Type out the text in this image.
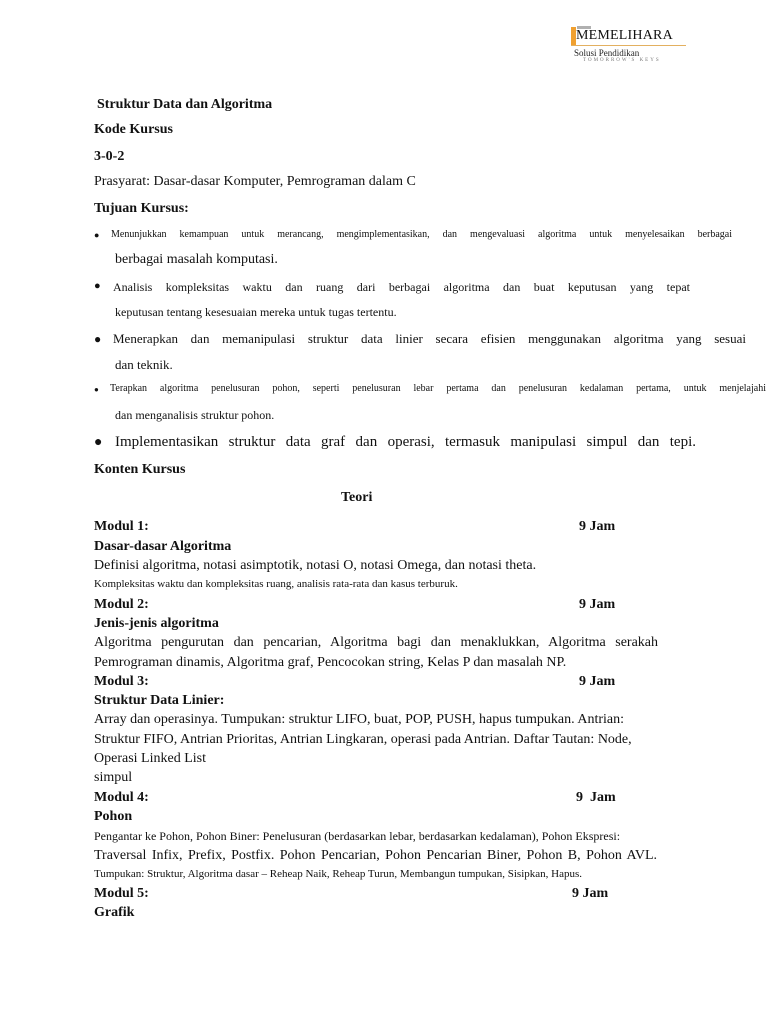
MEMELIHARA
Solusi Pendidikan
TOMORROW'S KEYS
Struktur Data dan Algoritma
Kode Kursus
3-0-2
Prasyarat: Dasar-dasar Komputer, Pemrograman dalam C
Tujuan Kursus:
● Menunjukkan kemampuan untuk merancang, mengimplementasikan, dan mengevaluasi algoritma untuk menyelesaikan berbagai
berbagai masalah komputasi.
● Analisis kompleksitas waktu dan ruang dari berbagai algoritma dan buat keputusan yang tepat
keputusan tentang kesesuaian mereka untuk tugas tertentu.
● Menerapkan dan memanipulasi struktur data linier secara efisien menggunakan algoritma yang sesuai
dan teknik.
● Terapkan algoritma penelusuran pohon, seperti penelusuran lebar pertama dan penelusuran kedalaman pertama, untuk menjelajahi
dan menganalisis struktur pohon.
● Implementasikan struktur data graf dan operasi, termasuk manipulasi simpul dan tepi.
Konten Kursus
Teori
Modul 1:	9 Jam
Dasar-dasar Algoritma
Definisi algoritma, notasi asimptotik, notasi O, notasi Omega, dan notasi theta.
Kompleksitas waktu dan kompleksitas ruang, analisis rata-rata dan kasus terburuk.
Modul 2:	9 Jam
Jenis-jenis algoritma
Algoritma pengurutan dan pencarian, Algoritma bagi dan menaklukkan, Algoritma serakah
Pemrograman dinamis, Algoritma graf, Pencocokan string, Kelas P dan masalah NP.
Modul 3:	9 Jam
Struktur Data Linier:
Array dan operasinya. Tumpukan: struktur LIFO, buat, POP, PUSH, hapus tumpukan. Antrian:
Struktur FIFO, Antrian Prioritas, Antrian Lingkaran, operasi pada Antrian. Daftar Tautan: Node,
Operasi Linked List
simpul
Modul 4:	9  Jam
Pohon
Pengantar ke Pohon, Pohon Biner: Penelusuran (berdasarkan lebar, berdasarkan kedalaman), Pohon Ekspresi:
Traversal Infix, Prefix, Postfix. Pohon Pencarian, Pohon Pencarian Biner, Pohon B, Pohon AVL.
Tumpukan: Struktur, Algoritma dasar – Reheap Naik, Reheap Turun, Membangun tumpukan, Sisipkan, Hapus.
Modul 5:	9 Jam
Grafik
